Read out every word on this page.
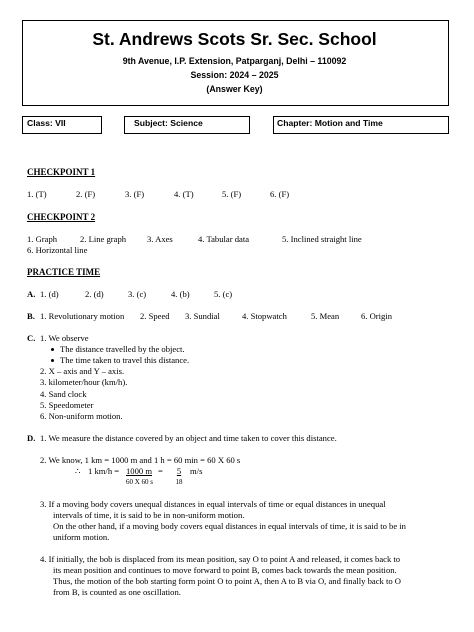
St. Andrews Scots Sr. Sec. School
9th Avenue, I.P. Extension, Patparganj, Delhi – 110092
Session: 2024 – 2025
(Answer Key)
Class: VII	Subject: Science	Chapter: Motion and Time
CHECKPOINT 1
1. (T)	2. (F)	3. (F)	4. (T)	5. (F)	6. (F)
CHECKPOINT 2
1. Graph	2. Line graph 3. Axes	4. Tabular data	5. Inclined straight line
6. Horizontal line
PRACTICE TIME
A. 1. (d)	2. (d)	3. (c)	4. (b)	5. (c)
B. 1. Revolutionary motion 2. Speed 3. Sundial	4. Stopwatch	5. Mean	6. Origin
C. 1. We observe
The distance travelled by the object.
The time taken to travel this distance.
2. X – axis and Y – axis.
3. kilometer/hour (km/h).
4. Sand clock
5. Speedometer
6. Non-uniform motion.
D. 1. We measure the distance covered by an object and time taken to cover this distance.
2. We know, 1 km = 1000 m and 1 h = 60 min = 60 X 60 s
∴ 1 km/h = 1000 m =	5	m/s
60 X 60 s	18
3. If a moving body covers unequal distances in equal intervals of time or equal distances in unequal
intervals of time, it is said to be in non-uniform motion.
On the other hand, if a moving body covers equal distances in equal intervals of time, it is said to be in
uniform motion.
4. If initially, the bob is displaced from its mean position, say O to point A and released, it comes back to
its mean position and continues to move forward to point B, comes back towards the mean position.
Thus, the motion of the bob starting form point O to point A, then A to B via O, and finally back to O
from B, is counted as one oscillation.
